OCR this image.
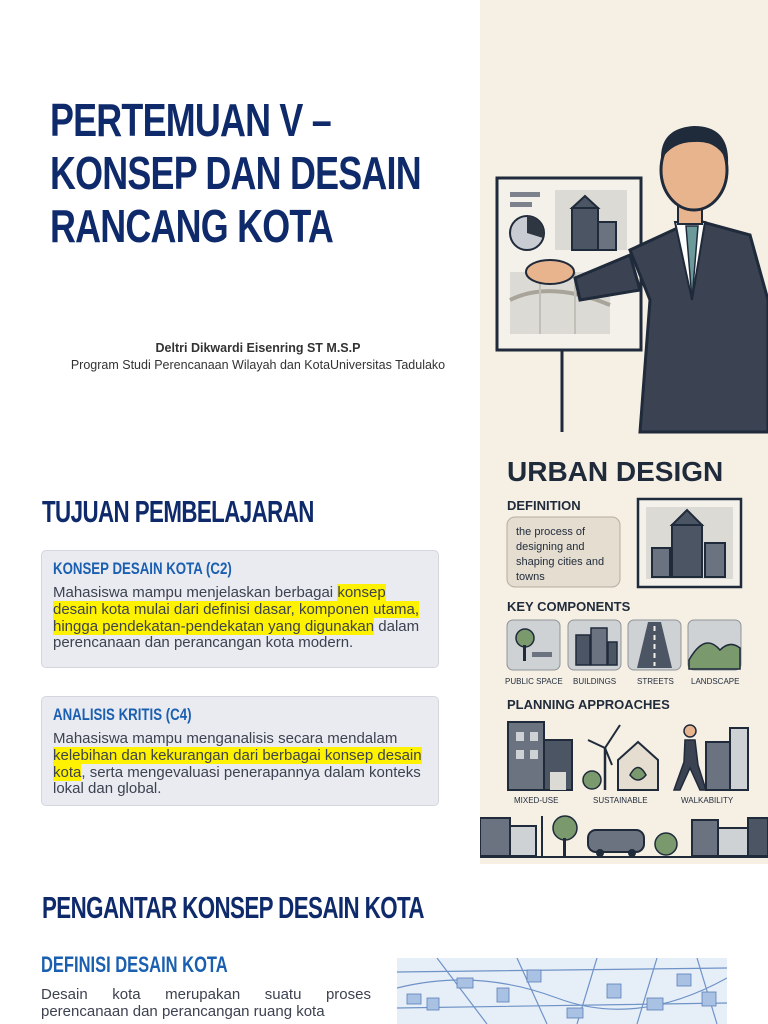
PERTEMUAN V – KONSEP DAN DESAIN RANCANG KOTA
Deltri Dikwardi Eisenring ST M.S.P
Program Studi Perencanaan Wilayah dan KotaUniversitas Tadulako
TUJUAN PEMBELAJARAN
KONSEP DESAIN KOTA (C2)
Mahasiswa mampu menjelaskan berbagai konsep desain kota mulai dari definisi dasar, komponen utama, hingga pendekatan-pendekatan yang digunakan dalam perencanaan dan perancangan kota modern.
ANALISIS KRITIS (C4)
Mahasiswa mampu menganalisis secara mendalam kelebihan dan kekurangan dari berbagai konsep desain kota, serta mengevaluasi penerapannya dalam konteks lokal dan global.
URBAN DESIGN
DEFINITION
the process of
designing and
shaping cities and
towns
KEY COMPONENTS
PUBLIC SPACE BUILDINGS	STREETS LANDSCAPE
PLANNING APPROACHES
MIXED-USE	SUSTAINABLE	WALKABILITY
PENGANTAR KONSEP DESAIN KOTA
DEFINISI DESAIN KOTA
Desain kota merupakan suatu proses perencanaan dan perancangan ruang kota
